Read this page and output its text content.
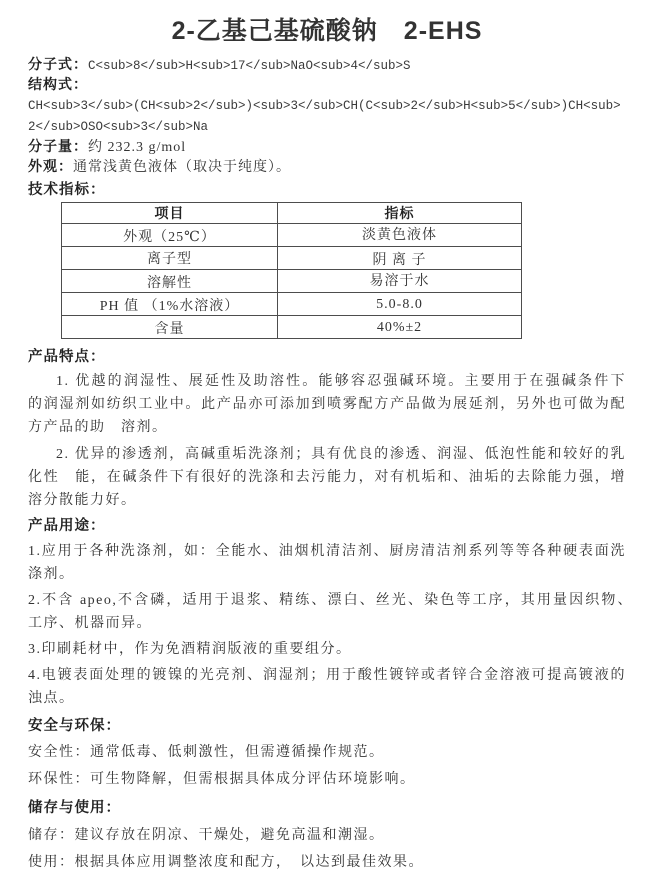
2-乙基己基硫酸钠　2-EHS

分子式：C<sub>8</sub>H<sub>17</sub>NaO<sub>4</sub>S

结构式：

CH<sub>3</sub>(CH<sub>2</sub>)<sub>3</sub>CH(C<sub>2</sub>H<sub>5</sub>)CH<sub>2</sub>OSO<sub>3</sub>Na

分子量：约 232.3 g/mol

外观：通常浅黄色液体（取决于纯度）。

技术指标：

项目	指标
外观（25℃）	淡黄色液体
离子型	阴 离 子
溶解性	易溶于水
PH 值 （1%水溶液）	5.0-8.0
含量	40%±2

产品特点：

1. 优越的润湿性、展延性及助溶性。能够容忍强碱环境。主要用于在强碱条件下　的润湿剂如纺织工业中。此产品亦可添加到喷雾配方产品做为展延剂，另外也可做为配方产品的助　溶剂。

2. 优异的渗透剂，高碱重垢洗涤剂；具有优良的渗透、润湿、低泡性能和较好的乳化性　能，在碱条件下有很好的洗涤和去污能力，对有机垢和、油垢的去除能力强，增溶分散能力好。

产品用途：

1.应用于各种洗涤剂，如：全能水、油烟机清洁剂、厨房清洁剂系列等等各种硬表面洗涤剂。

2.不含 apeo,不含磷，适用于退浆、精练、漂白、丝光、染色等工序，其用量因织物、　工序、机器而异。

3.印刷耗材中，作为免酒精润版液的重要组分。

4.电镀表面处理的镀镍的光亮剂、润湿剂；用于酸性镀锌或者锌合金溶液可提高镀液的浊点。

安全与环保：

安全性：通常低毒、低刺激性，但需遵循操作规范。

环保性：可生物降解，但需根据具体成分评估环境影响。

储存与使用：

储存：建议存放在阴凉、干燥处，避免高温和潮湿。

使用：根据具体应用调整浓度和配方，　以达到最佳效果。
